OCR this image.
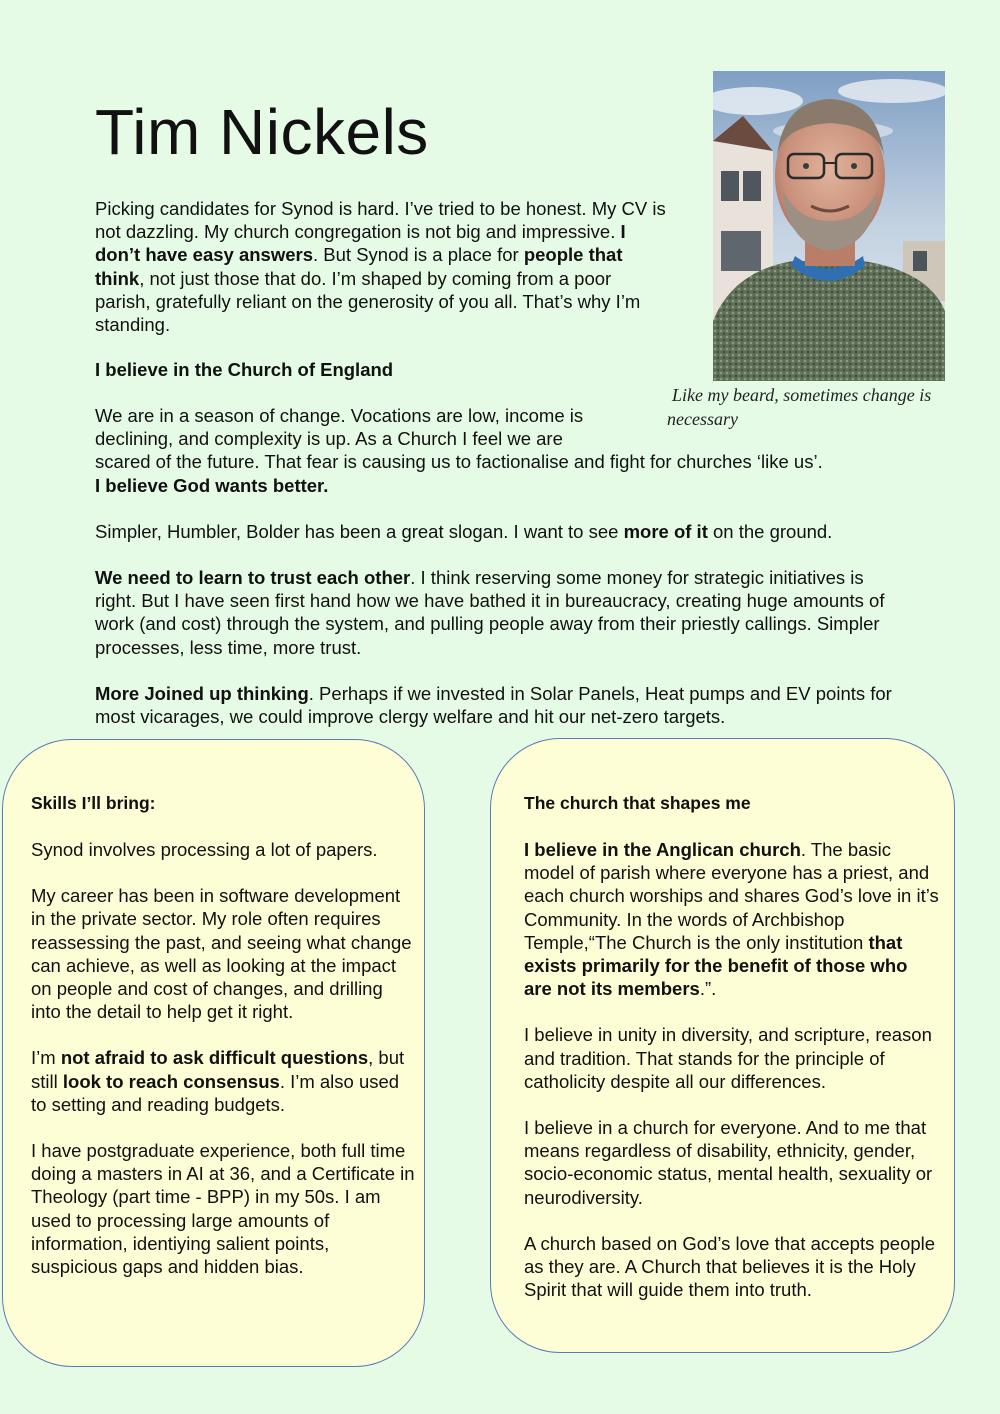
Tim Nickels
Like my beard, sometimes change is necessary

Picking candidates for Synod is hard. I’ve tried to be honest. My CV is not dazzling. My church congregation is not big and impressive. I don’t have easy answers. But Synod is a place for people that think, not just those that do. I’m shaped by coming from a poor parish, gratefully reliant on the generosity of you all. That’s why I’m standing.

I believe in the Church of England

We are in a season of change. Vocations are low, income is declining, and complexity is up. As a Church I feel we are
scared of the future. That fear is causing us to factionalise and fight for churches ‘like us’.
I believe God wants better.

Simpler, Humbler, Bolder has been a great slogan. I want to see more of it on the ground.

We need to learn to trust each other. I think reserving some money for strategic initiatives is right. But I have seen first hand how we have bathed it in bureaucracy, creating huge amounts of work (and cost) through the system, and pulling people away from their priestly callings. Simpler processes, less time, more trust.

More Joined up thinking. Perhaps if we invested in Solar Panels, Heat pumps and EV points for most vicarages, we could improve clergy welfare and hit our net-zero targets.

Skills I’ll bring:

Synod involves processing a lot of papers.

My career has been in software development in the private sector. My role often requires reassessing the past, and seeing what change can achieve, as well as looking at the impact on people and cost of changes, and drilling into the detail to help get it right.

I’m not afraid to ask difficult questions, but still look to reach consensus. I’m also used to setting and reading budgets.

I have postgraduate experience, both full time doing a masters in AI at 36, and a Certificate in Theology (part time - BPP) in my 50s. I am used to processing large amounts of information, identiying salient points, suspicious gaps and hidden bias.

The church that shapes me

I believe in the Anglican church. The basic model of parish where everyone has a priest, and each church worships and shares God’s love in it’s Community. In the words of Archbishop Temple,“The Church is the only institution that exists primarily for the benefit of those who are not its members.”.

I believe in unity in diversity, and scripture, reason and tradition. That stands for the principle of catholicity despite all our differences.

I believe in a church for everyone. And to me that means regardless of disability, ethnicity, gender, socio-economic status, mental health, sexuality or neurodiversity.

A church based on God’s love that accepts people as they are. A Church that believes it is the Holy Spirit that will guide them into truth.
